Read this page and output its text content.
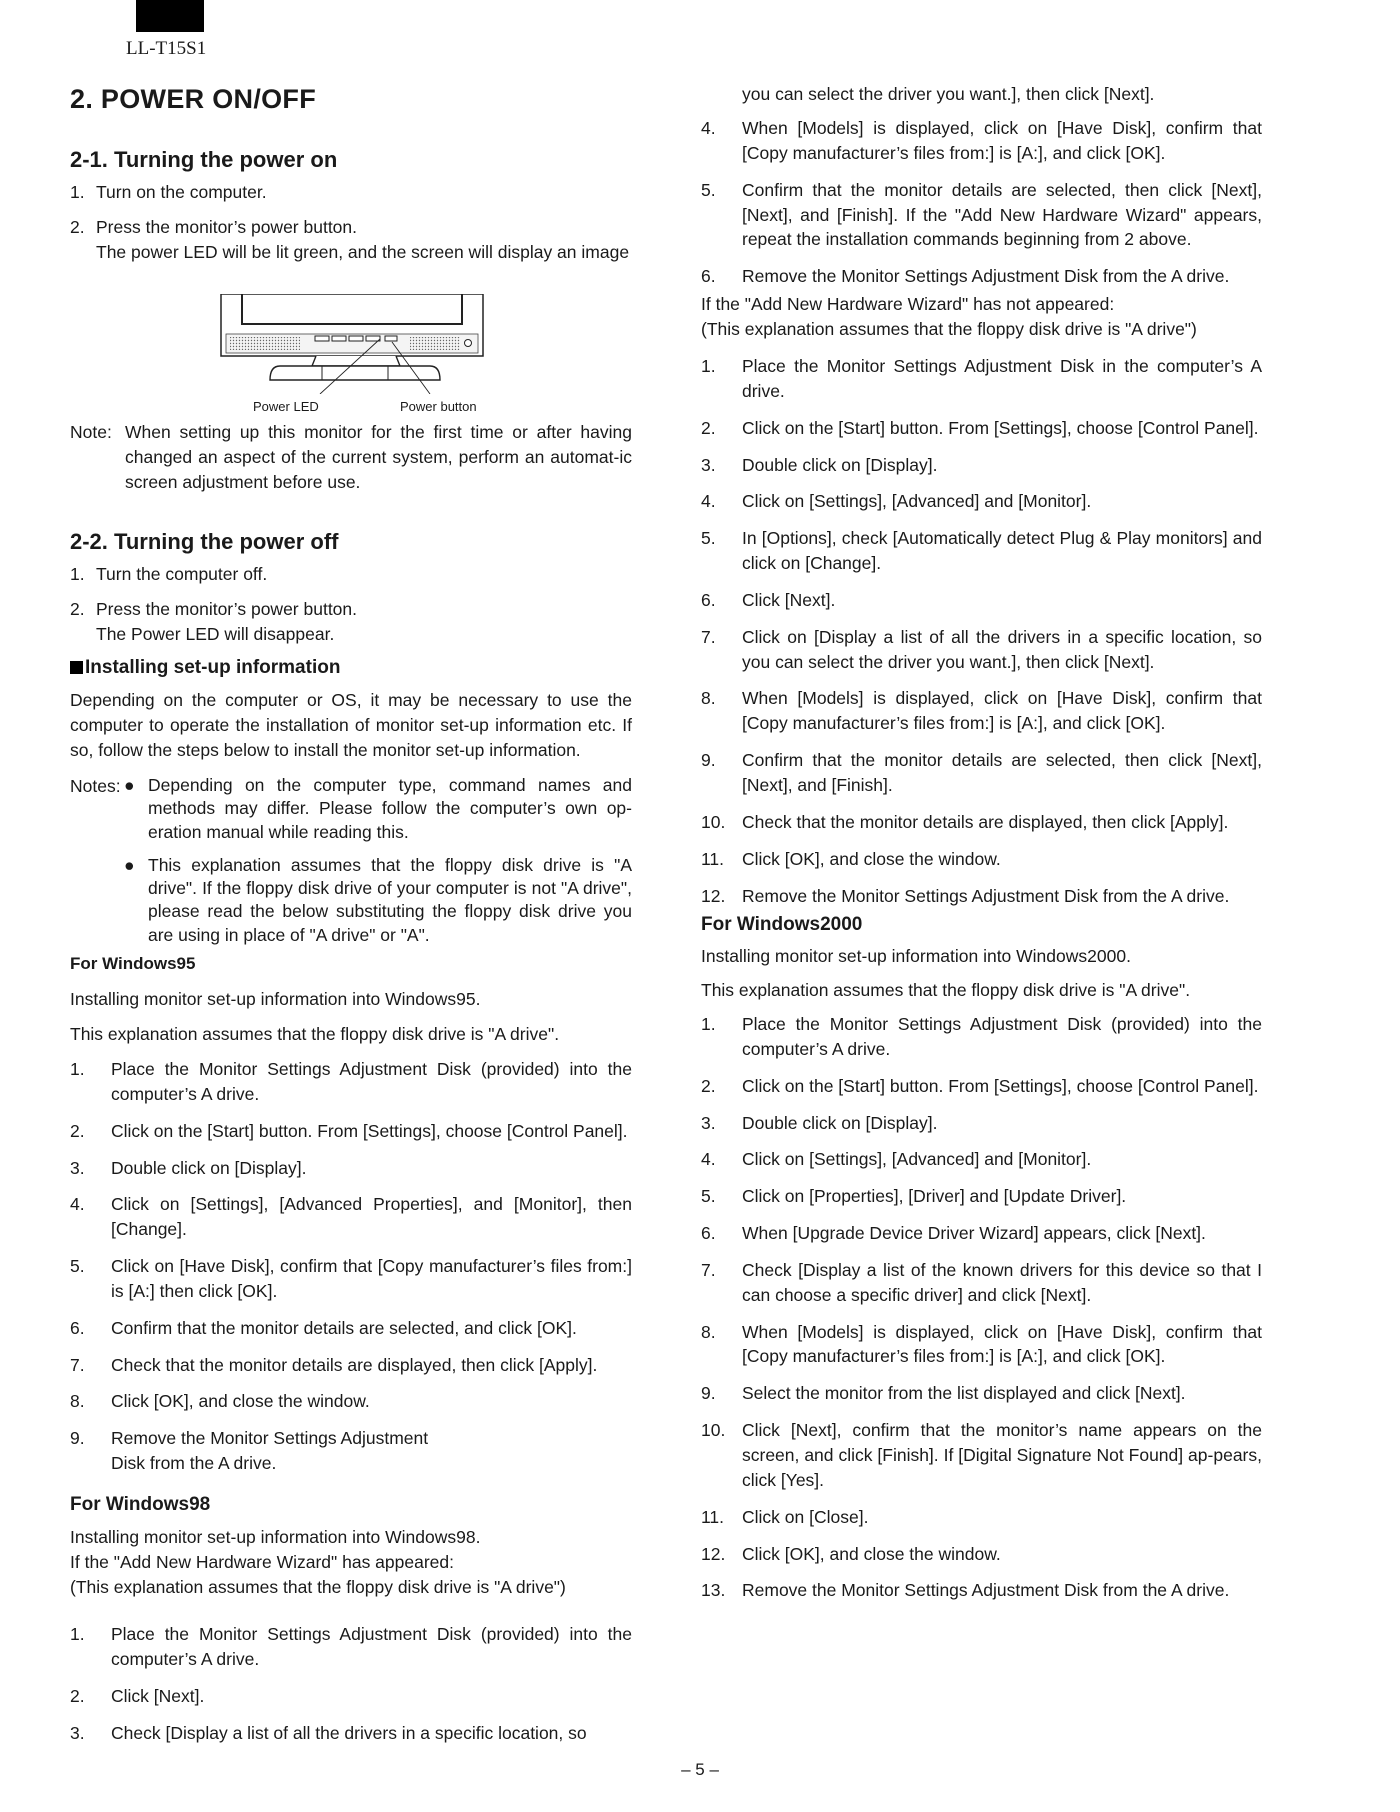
LL-T15S1
2. POWER ON/OFF
2-1. Turning the power on
1. Turn on the computer.
2. Press the monitor’s power button.
The power LED will be lit green, and the screen will display an image
Power LED	Power button
Note: When setting up this monitor for the first time or after having changed an aspect of the current system, perform an automat-ic screen adjustment before use.
2-2. Turning the power off
1. Turn the computer off.
2. Press the monitor’s power button.
The Power LED will disappear.
Installing set-up information

Depending on the computer or OS, it may be necessary to use the computer to operate the installation of monitor set-up information etc. If so, follow the steps below to install the monitor set-up information.

Notes: ● Depending on the computer type, command names and methods may differ. Please follow the computer’s own op-eration manual while reading this.
● This explanation assumes that the floppy disk drive is "A drive". If the floppy disk drive of your computer is not "A drive", please read the below substituting the floppy disk drive you are using in place of "A drive" or "A".
For Windows95

Installing monitor set-up information into Windows95.

This explanation assumes that the floppy disk drive is "A drive".

1.	Place the Monitor Settings Adjustment Disk (provided) into the computer’s A drive.
2.	Click on the [Start] button. From [Settings], choose [Control Panel].
3.	Double click on [Display].
4.	Click on [Settings], [Advanced Properties], and [Monitor], then [Change].
5.	Click on [Have Disk], confirm that [Copy manufacturer’s files from:] is [A:] then click [OK].
6.	Confirm that the monitor details are selected, and click [OK].
7.	Check that the monitor details are displayed, then click [Apply].
8.	Click [OK], and close the window.
9.	Remove the Monitor Settings Adjustment
Disk from the A drive.
For Windows98

Installing monitor set-up information into Windows98.

If the "Add New Hardware Wizard" has appeared:

(This explanation assumes that the floppy disk drive is "A drive")

1.	Place the Monitor Settings Adjustment Disk (provided) into the computer’s A drive.
2.	Click [Next].
3.	Check [Display a list of all the drivers in a specific location, so

you can select the driver you want.], then click [Next].

4.	When [Models] is displayed, click on [Have Disk], confirm that [Copy manufacturer’s files from:] is [A:], and click [OK].
5.	Confirm that the monitor details are selected, then click [Next], [Next], and [Finish]. If the "Add New Hardware Wizard" appears, repeat the installation commands beginning from 2 above.
6.	Remove the Monitor Settings Adjustment Disk from the A drive.

If the "Add New Hardware Wizard" has not appeared:

(This explanation assumes that the floppy disk drive is "A drive")

1.	Place the Monitor Settings Adjustment Disk in the computer’s A drive.
2.	Click on the [Start] button. From [Settings], choose [Control Panel].
3.	Double click on [Display].
4.	Click on [Settings], [Advanced] and [Monitor].
5.	In [Options], check [Automatically detect Plug & Play monitors] and click on [Change].
6.	Click [Next].
7.	Click on [Display a list of all the drivers in a specific location, so you can select the driver you want.], then click [Next].
8.	When [Models] is displayed, click on [Have Disk], confirm that [Copy manufacturer’s files from:] is [A:], and click [OK].
9.	Confirm that the monitor details are selected, then click [Next], [Next], and [Finish].
10. Check that the monitor details are displayed, then click [Apply].
11.	Click [OK], and close the window.
12. Remove the Monitor Settings Adjustment Disk from the A drive.
For Windows2000

Installing monitor set-up information into Windows2000.

This explanation assumes that the floppy disk drive is "A drive".

1.	Place the Monitor Settings Adjustment Disk (provided) into the computer’s A drive.
2.	Click on the [Start] button. From [Settings], choose [Control Panel].
3.	Double click on [Display].
4.	Click on [Settings], [Advanced] and [Monitor].
5.	Click on [Properties], [Driver] and [Update Driver].
6.	When [Upgrade Device Driver Wizard] appears, click [Next].
7.	Check [Display a list of the known drivers for this device so that I can choose a specific driver] and click [Next].
8.	When [Models] is displayed, click on [Have Disk], confirm that [Copy manufacturer’s files from:] is [A:], and click [OK].
9.	Select the monitor from the list displayed and click [Next].
10. Click [Next], confirm that the monitor’s name appears on the screen, and click [Finish]. If [Digital Signature Not Found] ap-pears, click [Yes].
11.	Click on [Close].
12. Click [OK], and close the window.
13. Remove the Monitor Settings Adjustment Disk from the A drive.
– 5 –
